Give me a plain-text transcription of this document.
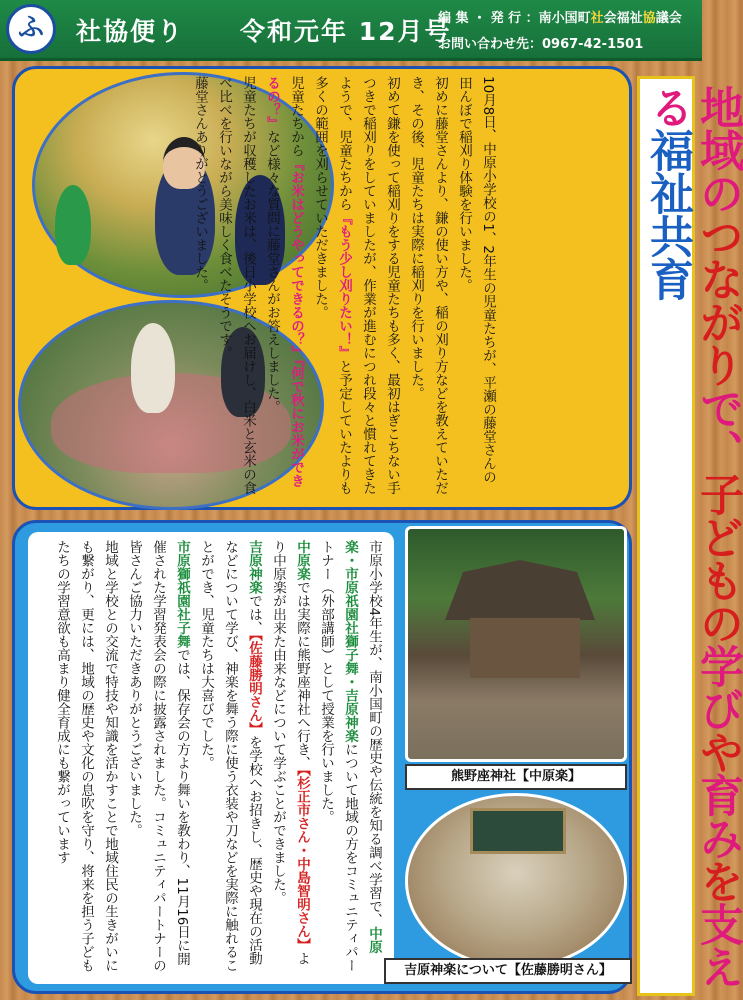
ふ	社協便り 令和元年 12月号
編 集 ・ 発 行 ：南小国町社会福祉協議会
お問い合わせ先：0967-42-1501

10月8日、中原小学校の1、2年生の児童たちが、平瀬の藤堂さんの田んぼで稲刈り体験を行いました。

初めに藤堂さんより、鎌の使い方や、稲の刈り方などを教えていただき、その後、児童たちは実際に稲刈りを行いました。

初めて鎌を使って稲刈りをする児童たちも多く、最初はぎこちない手つきで稲刈りをしていましたが、作業が進むにつれ段々と慣れてきたようで、児童たちから『もう少し刈りたい！』と予定していたよりも多くの範囲を刈らせていただきました。

児童たちから『お米はどうやってできるの？』『何で秋にお米ができるの？』など様々な質問に藤堂さんがお答えしました。

児童たちが収穫したお米は、後日小学校へお届けし、白米と玄米の食べ比べを行いながら美味しく食べたそうです。

藤堂さんありがとうございました。	地域のつながりで、子どもの学びや育みを支える福祉共育

市原小学校4年生が、南小国町の歴史や伝統を知る調べ学習で、中原楽・市原祇園社獅子舞・吉原神楽について地域の方をコミュニティパートナー（外部講師）として授業を行いました。

中原楽では実際に熊野座神社へ行き、【杉正市さん・中島智明さん】より中原楽が出来た由来などについて学ぶことができました。

吉原神楽では、【佐藤勝明さん】を学校へお招きし、歴史や現在の活動などについて学び、神楽を舞う際に使う衣装や刀などを実際に触れることができ、児童たちは大喜びでした。

市原獅祇園社子舞では、保存会の方より舞いを教わり、11月16日に開催された学習発表会の際に披露されました。コミュニティパートナーの皆さんご協力いただきありがとうございました。

地域と学校との交流で特技や知識を活かすことで地域住民の生きがいにも繋がり、更には、地域の歴史や文化の息吹を守り、将来を担う子どもたちの学習意欲も高まり健全育成にも繋がっています	熊野座神社【中原楽】
吉原神楽について【佐藤勝明さん】
